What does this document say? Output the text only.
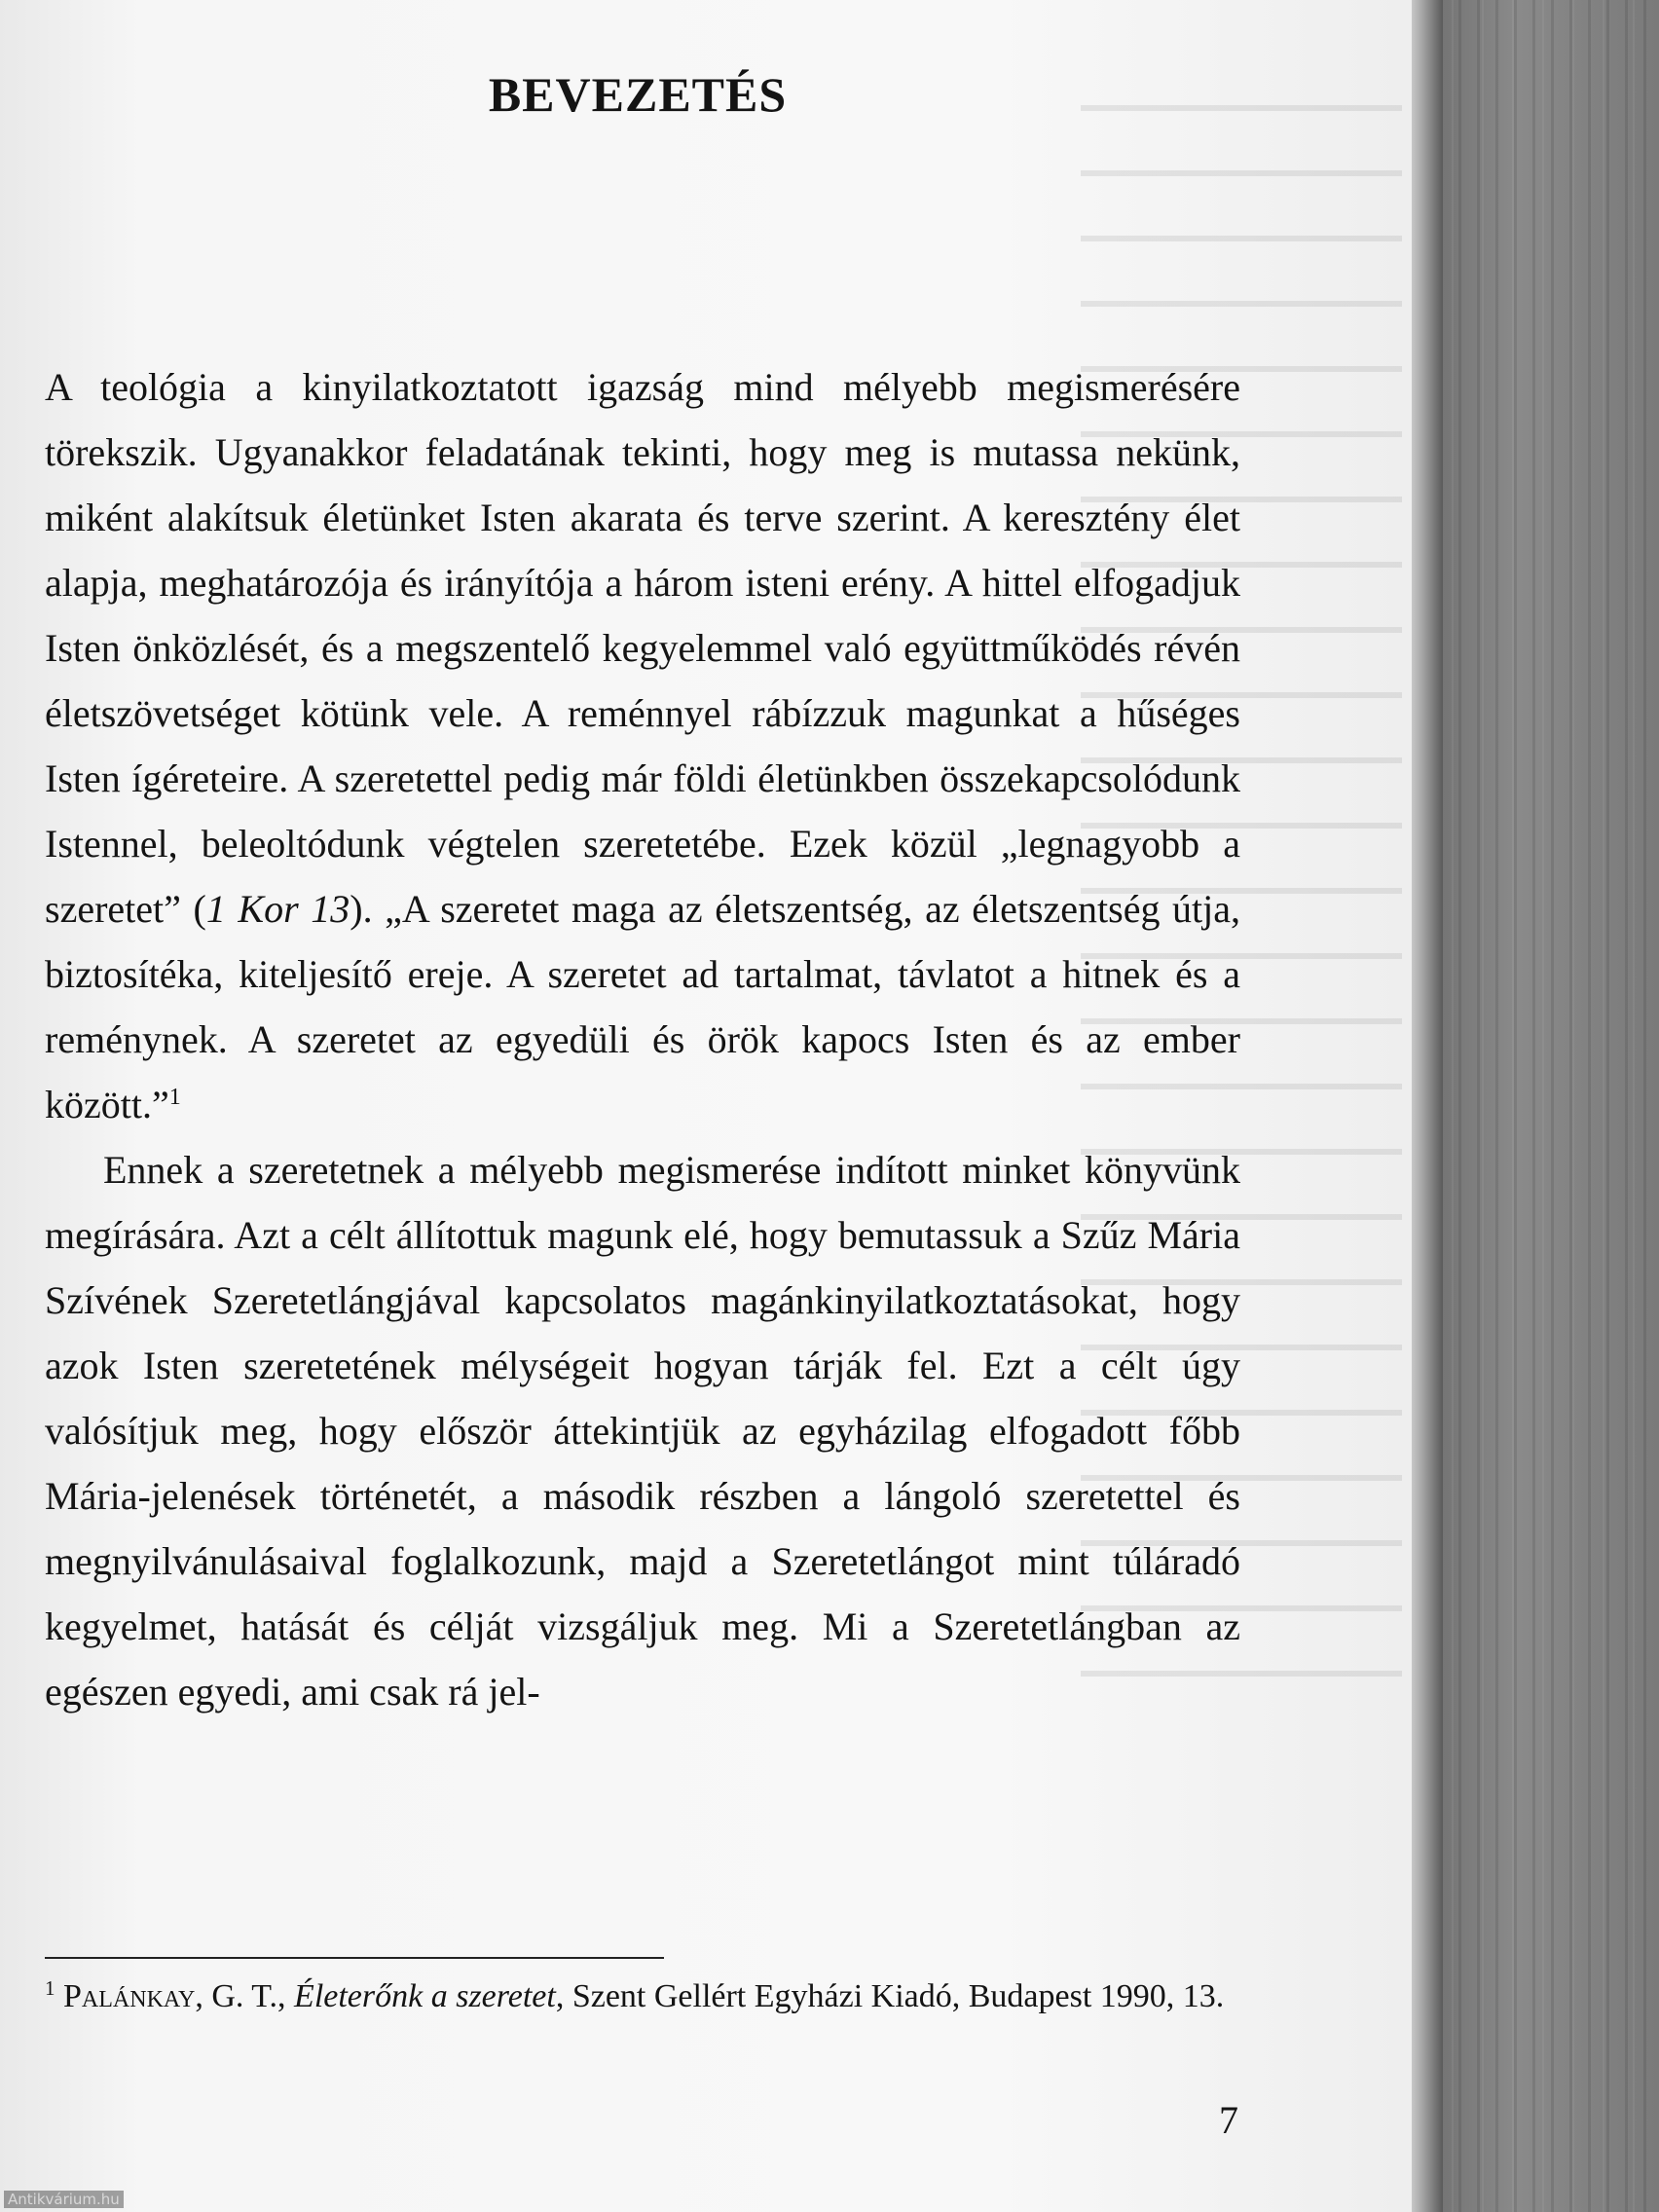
BEVEZETÉS

A teológia a kinyilatkoztatott igazság mind mélyebb megismerésére törekszik. Ugyanakkor feladatának tekinti, hogy meg is mutassa nekünk, miként alakítsuk életünket Isten akarata és terve szerint. A keresztény élet alapja, meghatározója és irányítója a három isteni erény. A hittel elfogadjuk Isten önközlését, és a megszentelő kegyelemmel való együttműködés révén életszövetséget kötünk vele. A reménnyel rábízzuk magunkat a hűséges Isten ígéreteire. A szeretettel pedig már földi életünkben összekapcsolódunk Istennel, beleoltódunk végtelen szeretetébe. Ezek közül „legnagyobb a szeretet” (1 Kor 13). „A szeretet maga az életszentség, az életszentség útja, biztosítéka, kiteljesítő ereje. A szeretet ad tartalmat, távlatot a hitnek és a reménynek. A szeretet az egyedüli és örök kapocs Isten és az ember között.”$^1$

Ennek a szeretetnek a mélyebb megismerése indított minket könyvünk megírására. Azt a célt állítottuk magunk elé, hogy bemutassuk a Szűz Mária Szívének Szeretetlángjával kapcsolatos magánkinyilatkoztatásokat, hogy azok Isten szeretetének mélységeit hogyan tárják fel. Ezt a célt úgy valósítjuk meg, hogy először áttekintjük az egyházilag elfogadott főbb Mária-jelenések történetét, a második részben a lángoló szeretettel és megnyilvánulásaival foglalkozunk, majd a Szeretetlángot mint túláradó kegyelmet, hatását és célját vizsgáljuk meg. Mi a Szeretetlángban az egészen egyedi, ami csak rá jel-

$^1$ Palánkay, G. T., Életerőnk a szeretet, Szent Gellért Egyházi Kiadó, Budapest 1990, 13.
7
Antikvárium.hu
